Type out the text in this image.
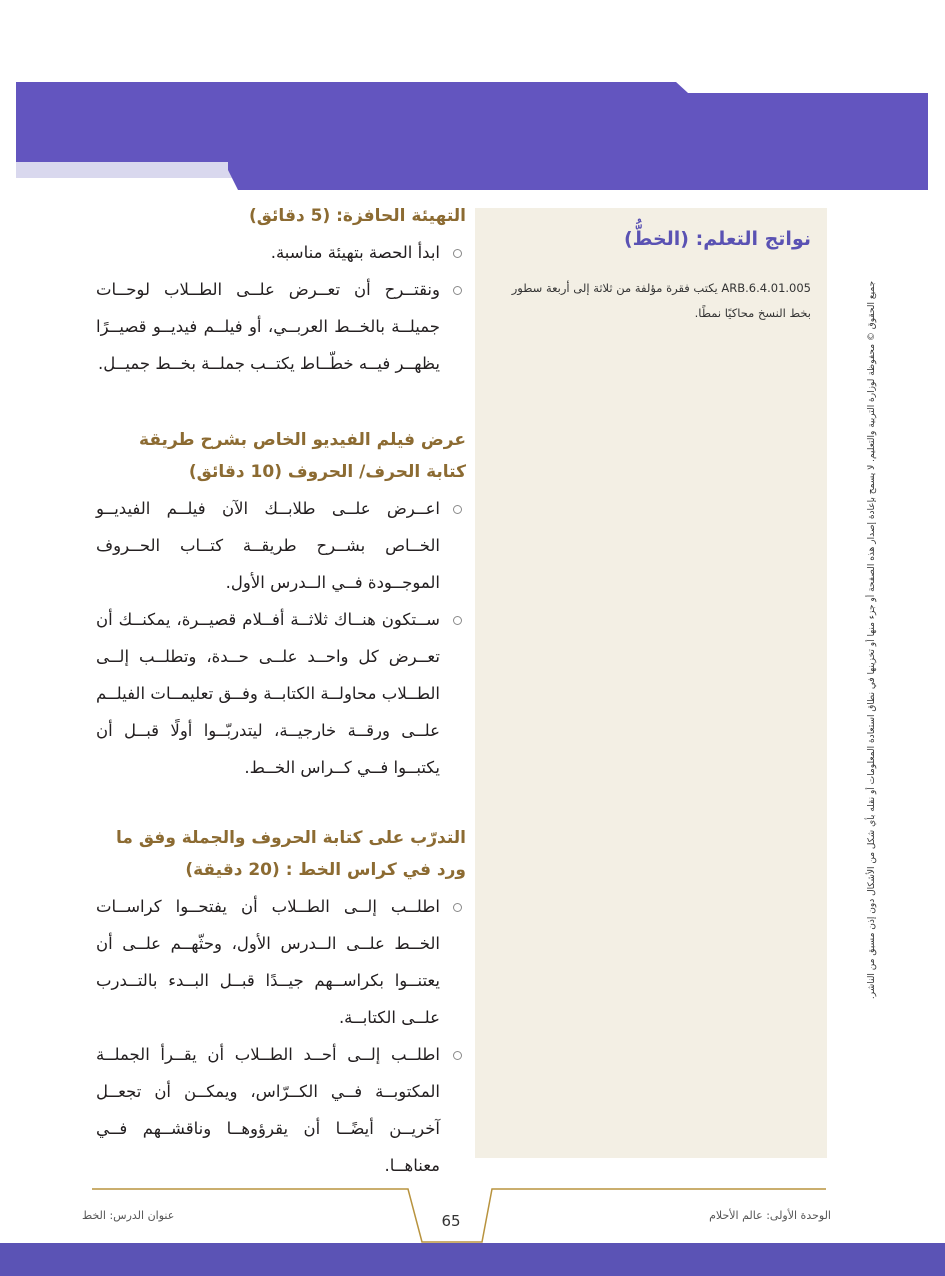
نواتج التعلم: (الخطُّ)
ARB.6.4.01.005 يكتب فقرة مؤلفة من ثلاثة إلى أربعة سطور بخط النسخ محاكيًا نمطًا.

التهيئة الحافزة: (5 دقائق)

ابدأ الحصة بتهيئة مناسبة.
ونقتــرح أن تعــرض علــى الطــلاب لوحــات جميلــة بالخــط العربــي، أو فيلــم فيديــو قصيــرًا يظهــر فيــه خطّــاط يكتــب جملــة بخــط جميــل.

عرض فيلم الفيديو الخاص بشرح طريقة كتابة الحرف/ الحروف (10 دقائق)

اعــرض علــى طلابــك الآن فيلــم الفيديــو الخــاص بشــرح طريقــة كتــاب الحــروف الموجــودة فــي الــدرس الأول.
ســتكون هنــاك ثلاثــة أفــلام قصيــرة، يمكنــك أن تعــرض كل واحــد علــى حــدة، وتطلــب إلــى الطــلاب محاولــة الكتابــة وفــق تعليمــات الفيلــم علــى ورقــة خارجيــة، ليتدربّــوا أولًا قبــل أن يكتبــوا فــي كــراس الخــط.

التدرّب على كتابة الحروف والجملة وفق ما ورد في كراس الخط : (20 دقيقة)

اطلــب إلــى الطــلاب أن يفتحــوا كراســات الخــط علــى الــدرس الأول، وحثّهــم علــى أن يعتنــوا بكراســهم جيــدًا قبــل البــدء بالتــدرب علــى الكتابــة.
اطلــب إلــى أحــد الطــلاب أن يقــرأ الجملــة المكتوبــة فــي الكــرّاس، ويمكــن أن تجعــل آخريــن أيضًــا أن يقرؤوهــا وناقشــهم فــي معناهــا.
جميع الحقوق © محفوظة لوزارة التربية والتعليم. لا يسمح بإعادة إصدار هذه الصفحة أو جزء منها أو تخزينها في نطاق استعادة المعلومات أو نقله بأي شكل من الأشكال دون إذن مسبق من الناشر.
عنوان الدرس: الخط	65	الوحدة الأولى: عالم الأحلام
